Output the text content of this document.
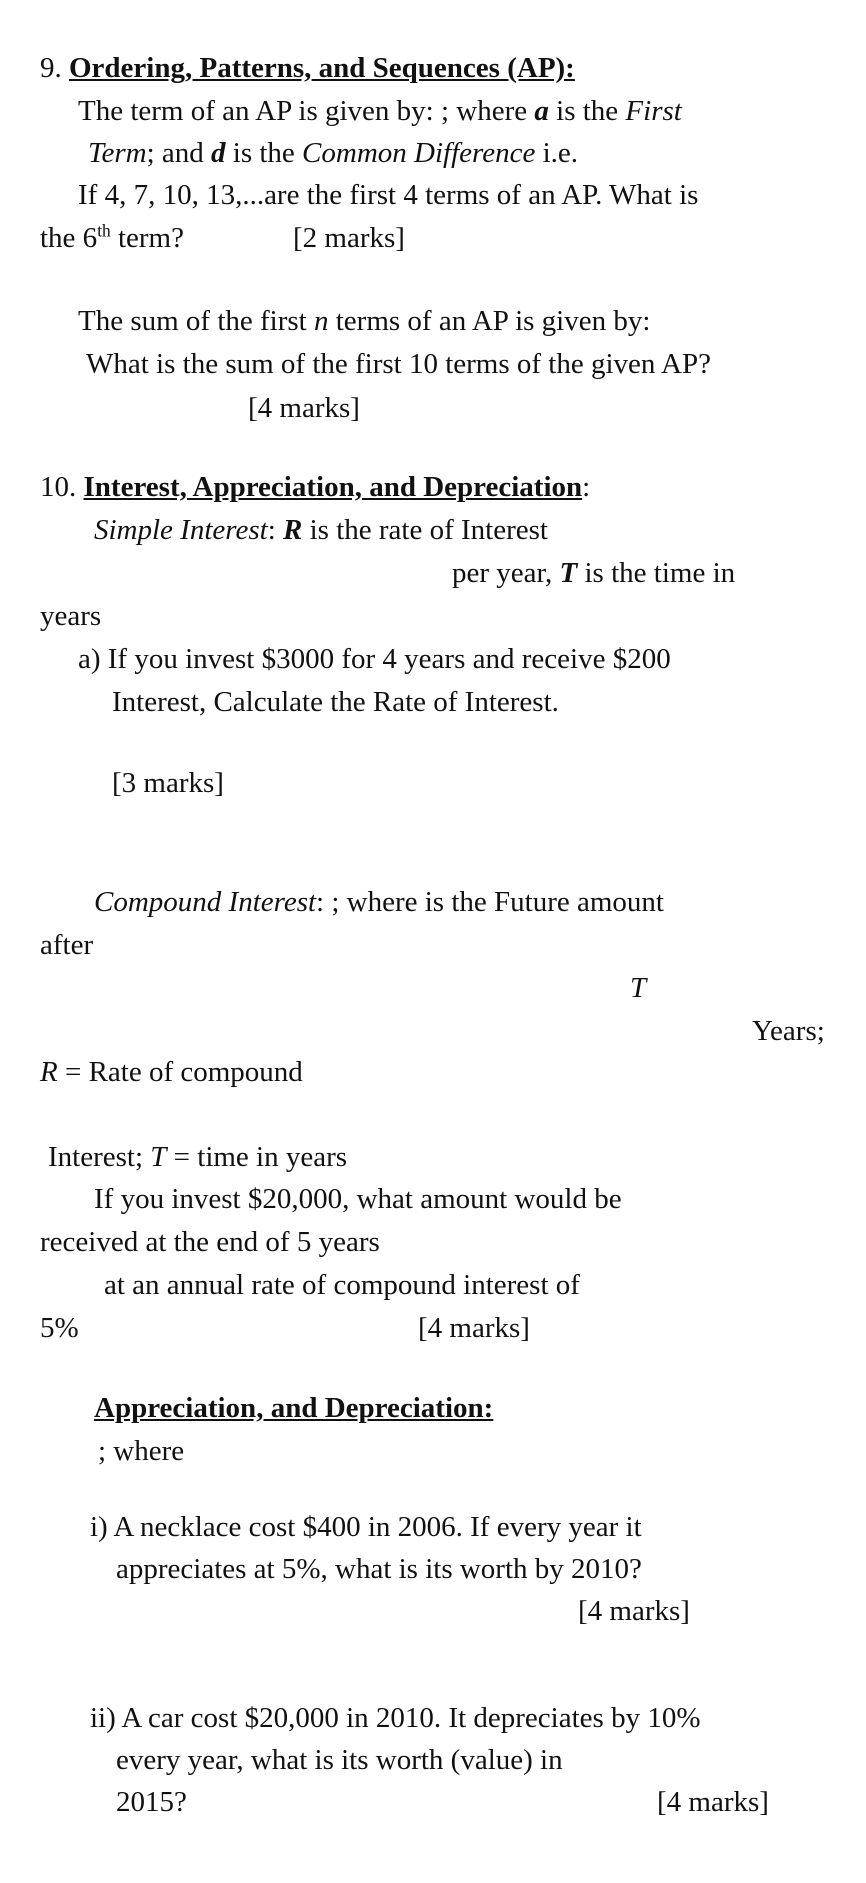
9. Ordering, Patterns, and Sequences (AP):
The term of an AP is given by: ; where a is the First
Term; and d is the Common Difference i.e.
If 4, 7, 10, 13,...are the first 4 terms of an AP. What is
the 6th term?	[2 marks]
The sum of the first n terms of an AP is given by:
What is the sum of the first 10 terms of the given AP?
[4 marks]
10. Interest, Appreciation, and Depreciation:
Simple Interest: R is the rate of Interest
per year, T is the time in
years
a) If you invest $3000 for 4 years and receive $200
Interest, Calculate the Rate of Interest.
[3 marks]
Compound Interest: ; where is the Future amount
after
T
Years;
R = Rate of compound
Interest; T = time in years
If you invest $20,000, what amount would be
received at the end of 5 years
at an annual rate of compound interest of
5%	[4 marks]
Appreciation, and Depreciation:
; where
i) A necklace cost $400 in 2006. If every year it
appreciates at 5%, what is its worth by 2010?
[4 marks]
ii) A car cost $20,000 in 2010. It depreciates by 10%
every year, what is its worth (value) in
2015?	[4 marks]
